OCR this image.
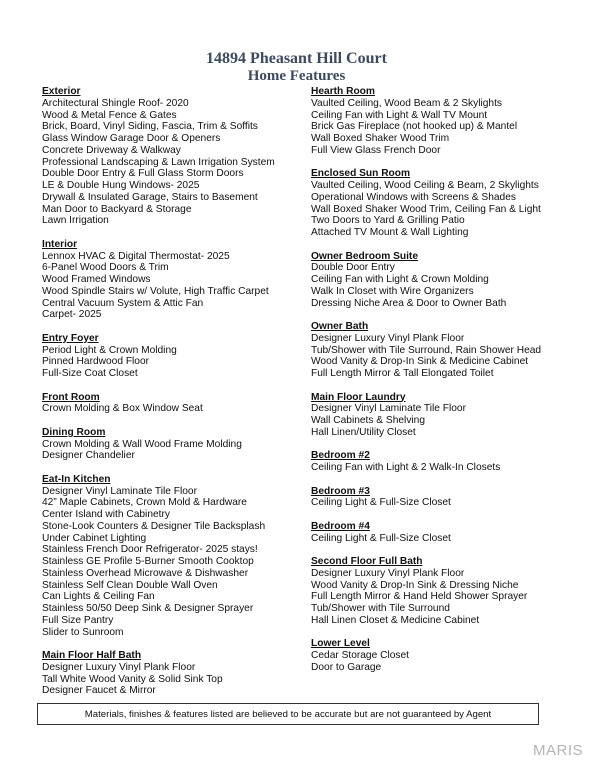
14894 Pheasant Hill Court
Home Features
Exterior
Architectural Shingle Roof- 2020
Wood & Metal Fence & Gates
Brick, Board, Vinyl Siding, Fascia, Trim & Soffits
Glass Window Garage Door & Openers
Concrete Driveway & Walkway
Professional Landscaping & Lawn Irrigation System
Double Door Entry & Full Glass Storm Doors
LE & Double Hung Windows- 2025
Drywall & Insulated Garage, Stairs to Basement
Man Door to Backyard & Storage
Lawn Irrigation
Interior
Lennox HVAC & Digital Thermostat- 2025
6-Panel Wood Doors & Trim
Wood Framed Windows
Wood Spindle Stairs w/ Volute, High Traffic Carpet
Central Vacuum System & Attic Fan
Carpet- 2025
Entry Foyer
Period Light & Crown Molding
Pinned Hardwood Floor
Full-Size Coat Closet
Front Room
Crown Molding & Box Window Seat
Dining Room
Crown Molding & Wall Wood Frame Molding
Designer Chandelier
Eat-In Kitchen
Designer Vinyl Laminate Tile Floor
42” Maple Cabinets, Crown Mold & Hardware
Center Island with Cabinetry
Stone-Look Counters & Designer Tile Backsplash
Under Cabinet Lighting
Stainless French Door Refrigerator- 2025 stays!
Stainless GE Profile 5-Burner Smooth Cooktop
Stainless Overhead Microwave & Dishwasher
Stainless Self Clean Double Wall Oven
Can Lights & Ceiling Fan
Stainless 50/50 Deep Sink & Designer Sprayer
Full Size Pantry
Slider to Sunroom
Main Floor Half Bath
Designer Luxury Vinyl Plank Floor
Tall White Wood Vanity & Solid Sink Top
Designer Faucet & Mirror
Hearth Room
Vaulted Ceiling, Wood Beam & 2 Skylights
Ceiling Fan with Light & Wall TV Mount
Brick Gas Fireplace (not hooked up) & Mantel
Wall Boxed Shaker Wood Trim
Full View Glass French Door
Enclosed Sun Room
Vaulted Ceiling, Wood Ceiling & Beam, 2 Skylights
Operational Windows with Screens & Shades
Wall Boxed Shaker Wood Trim, Ceiling Fan & Light
Two Doors to Yard & Grilling Patio
Attached TV Mount & Wall Lighting
Owner Bedroom Suite
Double Door Entry
Ceiling Fan with Light & Crown Molding
Walk In Closet with Wire Organizers
Dressing Niche Area & Door to Owner Bath
Owner Bath
Designer Luxury Vinyl Plank Floor
Tub/Shower with Tile Surround, Rain Shower Head
Wood Vanity & Drop-In Sink & Medicine Cabinet
Full Length Mirror & Tall Elongated Toilet
Main Floor Laundry
Designer Vinyl Laminate Tile Floor
Wall Cabinets & Shelving
Hall Linen/Utility Closet
Bedroom #2
Ceiling Fan with Light & 2 Walk-In Closets
Bedroom #3
Ceiling Light & Full-Size Closet
Bedroom #4
Ceiling Light & Full-Size Closet
Second Floor Full Bath
Designer Luxury Vinyl Plank Floor
Wood Vanity & Drop-In Sink & Dressing Niche
Full Length Mirror & Hand Held Shower Sprayer
Tub/Shower with Tile Surround
Hall Linen Closet & Medicine Cabinet
Lower Level
Cedar Storage Closet
Door to Garage
Materials, finishes & features listed are believed to be accurate but are not guaranteed by Agent
MARIS
